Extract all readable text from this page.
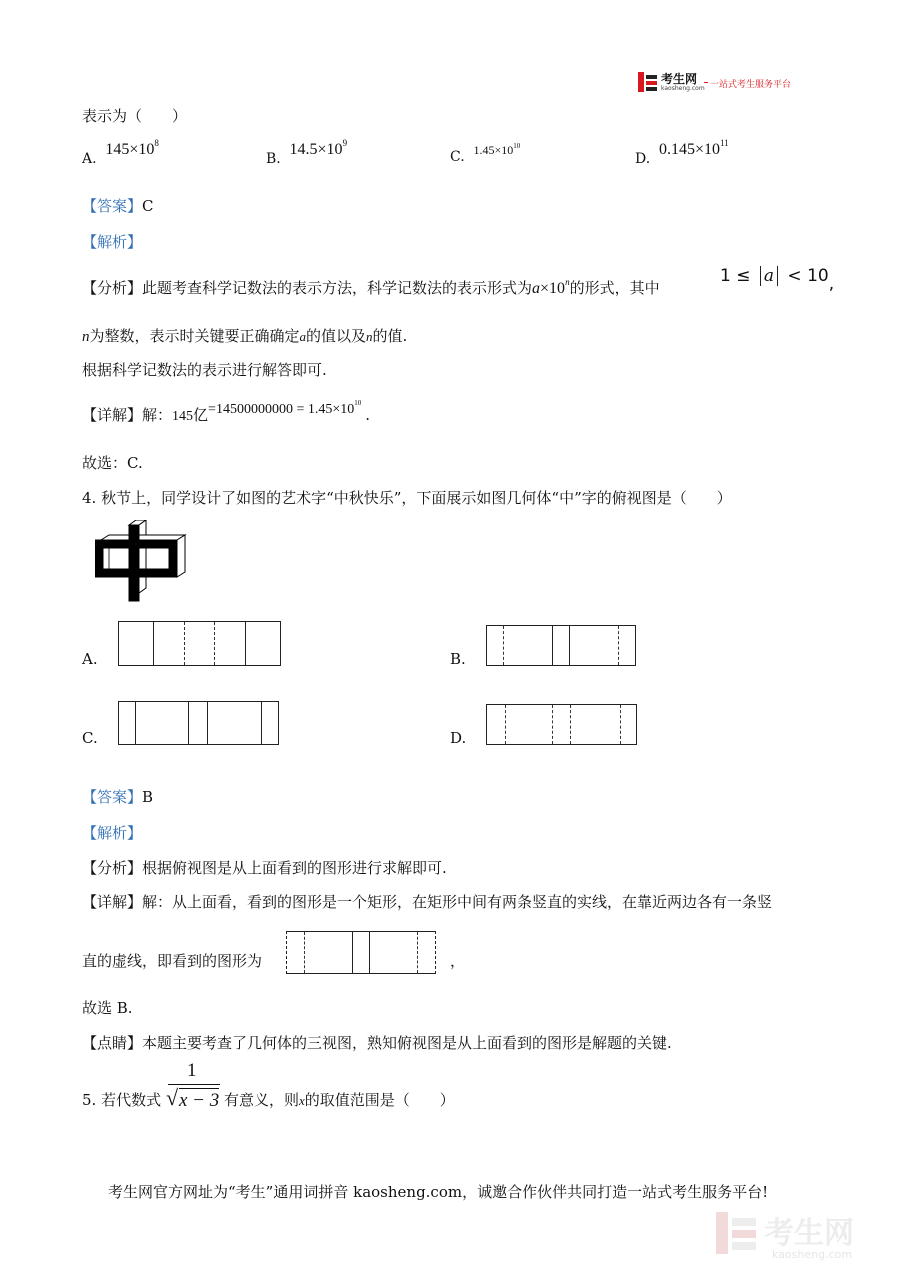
考生网
kaosheng.com 一站式考生服务平台
表示为（　　）
A. $145\times 10^8$
B. $14.5\times 10^9$
C. $1.45\times 10^{10}$
D. $0.145\times 10^{11}$
【答案】C
【解析】
【分析】此题考查科学记数法的表示方法，科学记数法的表示形式为$a\times 10^n$的形式，其中
1 ≤ a < 10,
n为整数，表示时关键要正确确定a的值以及n的值.
根据科学记数法的表示进行解答即可.
【详解】解：145亿$=14500000000 = 1.45\times 10^{10}$.
故选：C.
4. 秋节上，同学设计了如图的艺术字“中秋快乐”，下面展示如图几何体“中”字的俯视图是（　　）
A.	B.
C.	D.
【答案】B
【解析】
【分析】根据俯视图是从上面看到的图形进行求解即可.
【详解】解：从上面看，看到的图形是一个矩形，在矩形中间有两条竖直的实线，在靠近两边各有一条竖
直的虚线，即看到的图形为	，
故选 B.
【点睛】本题主要考查了几何体的三视图，熟知俯视图是从上面看到的图形是解题的关键.
5. 若代数式
1
√ x − 3 有意义，则x的取值范围是（　　）
考生网官方网址为“考生”通用词拼音 kaosheng.com，诚邀合作伙伴共同打造一站式考生服务平台!
考生网
kaosheng.com
